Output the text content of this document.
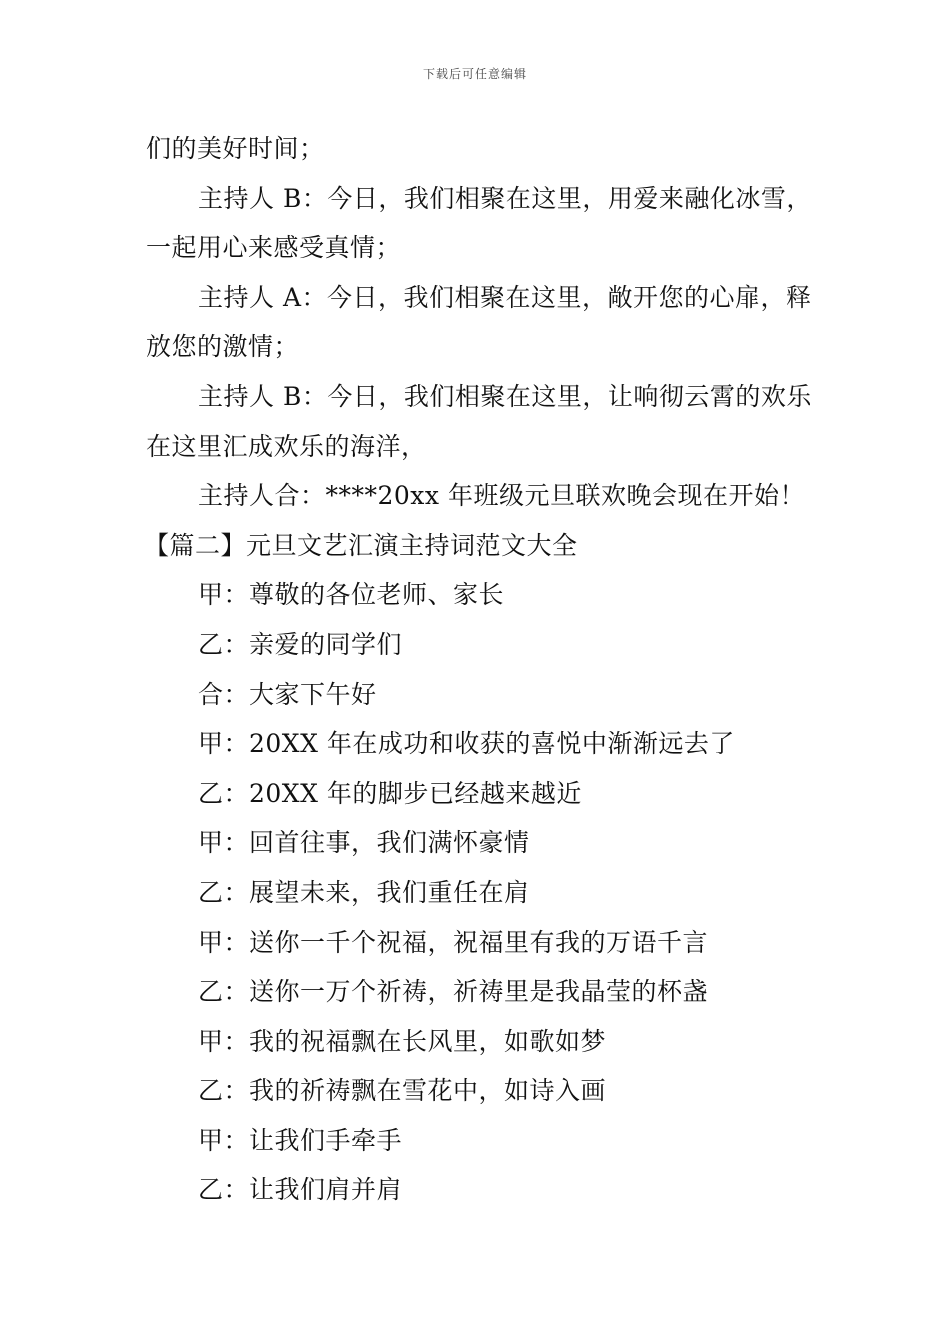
下载后可任意编辑
们的美好时间；
主持人 B：今日，我们相聚在这里，用爱来融化冰雪，
一起用心来感受真情；
主持人 A：今日，我们相聚在这里，敞开您的心扉，释
放您的激情；
主持人 B：今日，我们相聚在这里，让响彻云霄的欢乐
在这里汇成欢乐的海洋，
主持人合：****20xx 年班级元旦联欢晚会现在开始！
【篇二】元旦文艺汇演主持词范文大全
甲：尊敬的各位老师、家长
乙：亲爱的同学们
合：大家下午好
甲：20XX 年在成功和收获的喜悦中渐渐远去了
乙：20XX 年的脚步已经越来越近
甲：回首往事，我们满怀豪情
乙：展望未来，我们重任在肩
甲：送你一千个祝福，祝福里有我的万语千言
乙：送你一万个祈祷，祈祷里是我晶莹的杯盏
甲：我的祝福飘在长风里，如歌如梦
乙：我的祈祷飘在雪花中，如诗入画
甲：让我们手牵手
乙：让我们肩并肩
